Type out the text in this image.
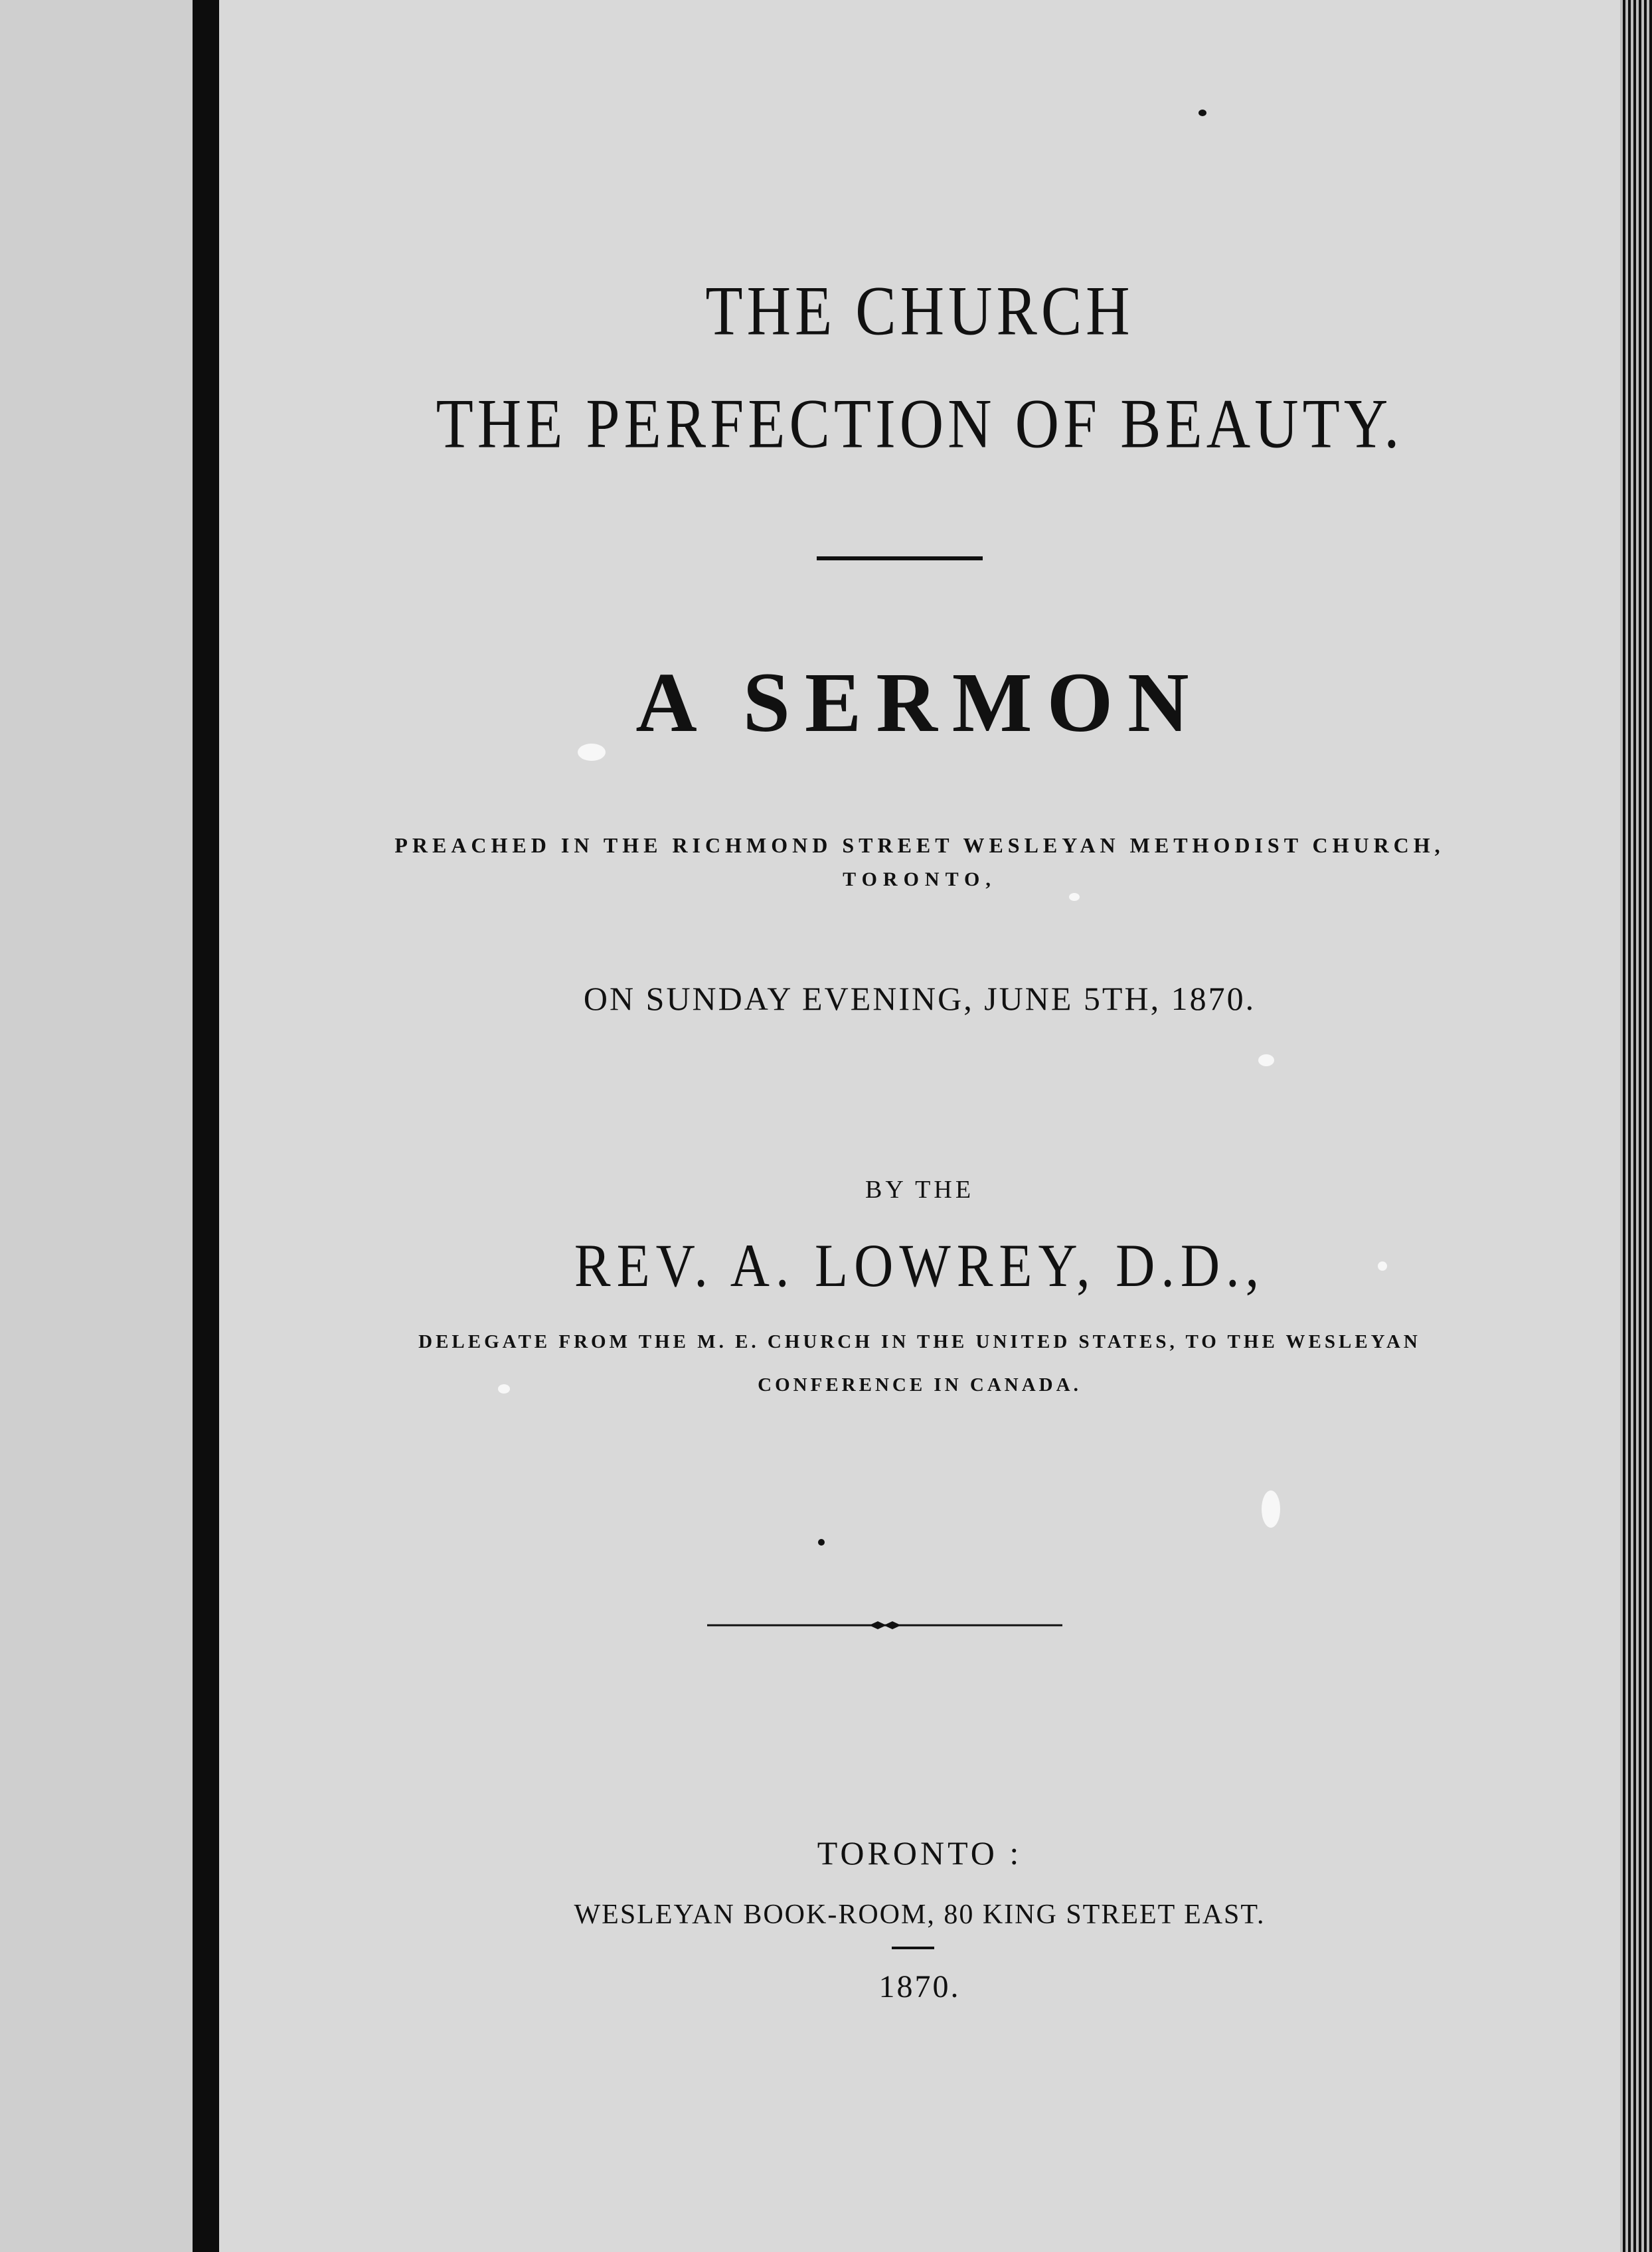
THE CHURCH
THE PERFECTION OF BEAUTY.
A SERMON
PREACHED IN THE RICHMOND STREET WESLEYAN METHODIST CHURCH,
TORONTO,
ON SUNDAY EVENING, JUNE 5TH, 1870.
BY THE
REV. A. LOWREY, D.D.,
DELEGATE FROM THE M. E. CHURCH IN THE UNITED STATES, TO THE WESLEYAN
CONFERENCE IN CANADA.
TORONTO :
WESLEYAN BOOK-ROOM, 80 KING STREET EAST.
1870.
